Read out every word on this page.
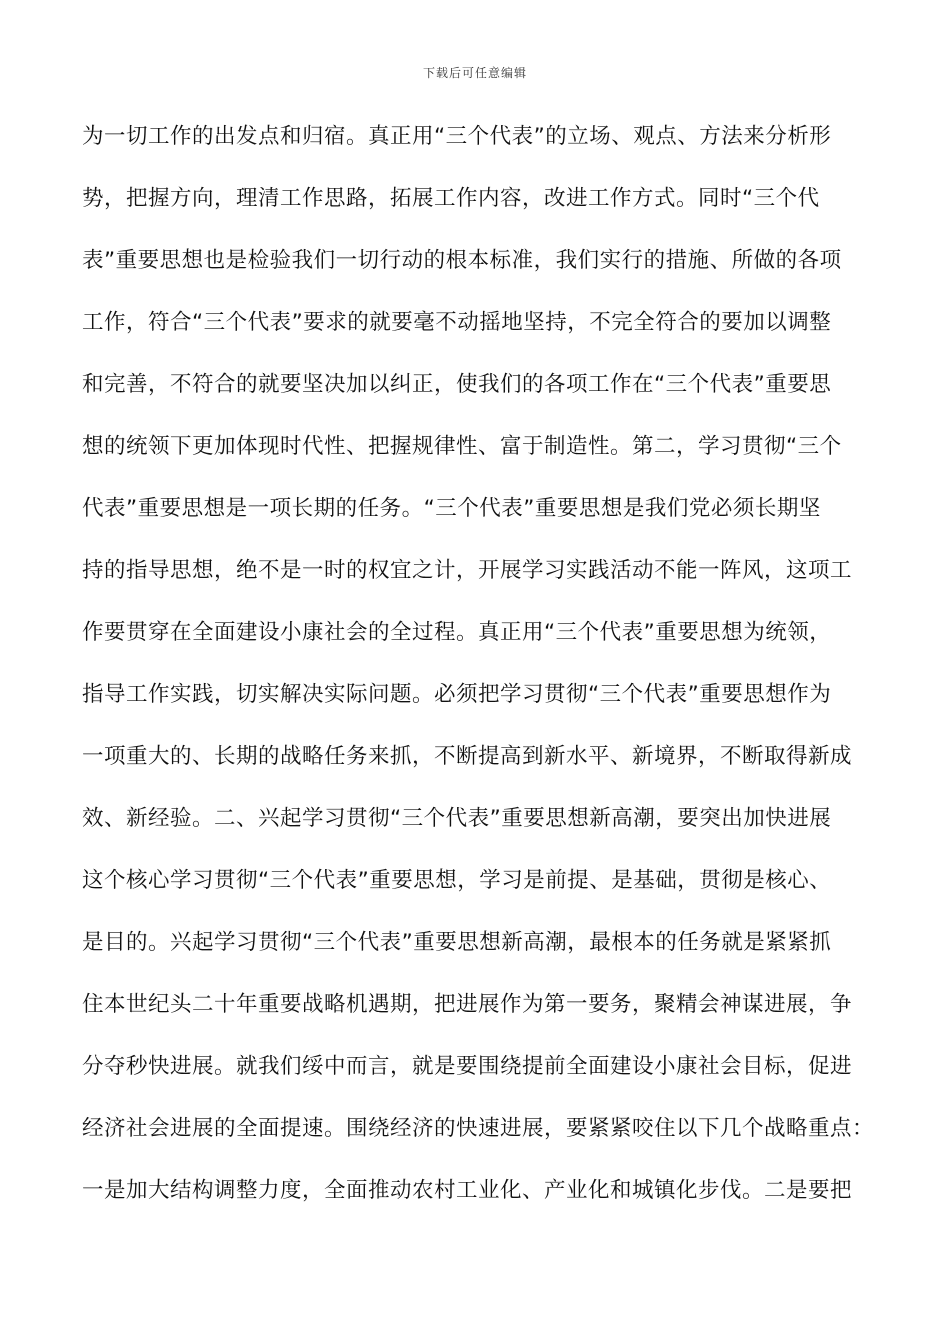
下载后可任意编辑
为一切工作的出发点和归宿。真正用“三个代表”的立场、观点、方法来分析形
势，把握方向，理清工作思路，拓展工作内容，改进工作方式。同时“三个代
表”重要思想也是检验我们一切行动的根本标准，我们实行的措施、所做的各项
工作，符合“三个代表”要求的就要毫不动摇地坚持，不完全符合的要加以调整
和完善，不符合的就要坚决加以纠正，使我们的各项工作在“三个代表”重要思
想的统领下更加体现时代性、把握规律性、富于制造性。第二，学习贯彻“三个
代表”重要思想是一项长期的任务。“三个代表”重要思想是我们党必须长期坚
持的指导思想，绝不是一时的权宜之计，开展学习实践活动不能一阵风，这项工
作要贯穿在全面建设小康社会的全过程。真正用“三个代表”重要思想为统领，
指导工作实践，切实解决实际问题。必须把学习贯彻“三个代表”重要思想作为
一项重大的、长期的战略任务来抓，不断提高到新水平、新境界，不断取得新成
效、新经验。二、兴起学习贯彻“三个代表”重要思想新高潮，要突出加快进展
这个核心学习贯彻“三个代表”重要思想，学习是前提、是基础，贯彻是核心、
是目的。兴起学习贯彻“三个代表”重要思想新高潮，最根本的任务就是紧紧抓
住本世纪头二十年重要战略机遇期，把进展作为第一要务，聚精会神谋进展，争
分夺秒快进展。就我们绥中而言，就是要围绕提前全面建设小康社会目标，促进
经济社会进展的全面提速。围绕经济的快速进展，要紧紧咬住以下几个战略重点：
一是加大结构调整力度，全面推动农村工业化、产业化和城镇化步伐。二是要把
